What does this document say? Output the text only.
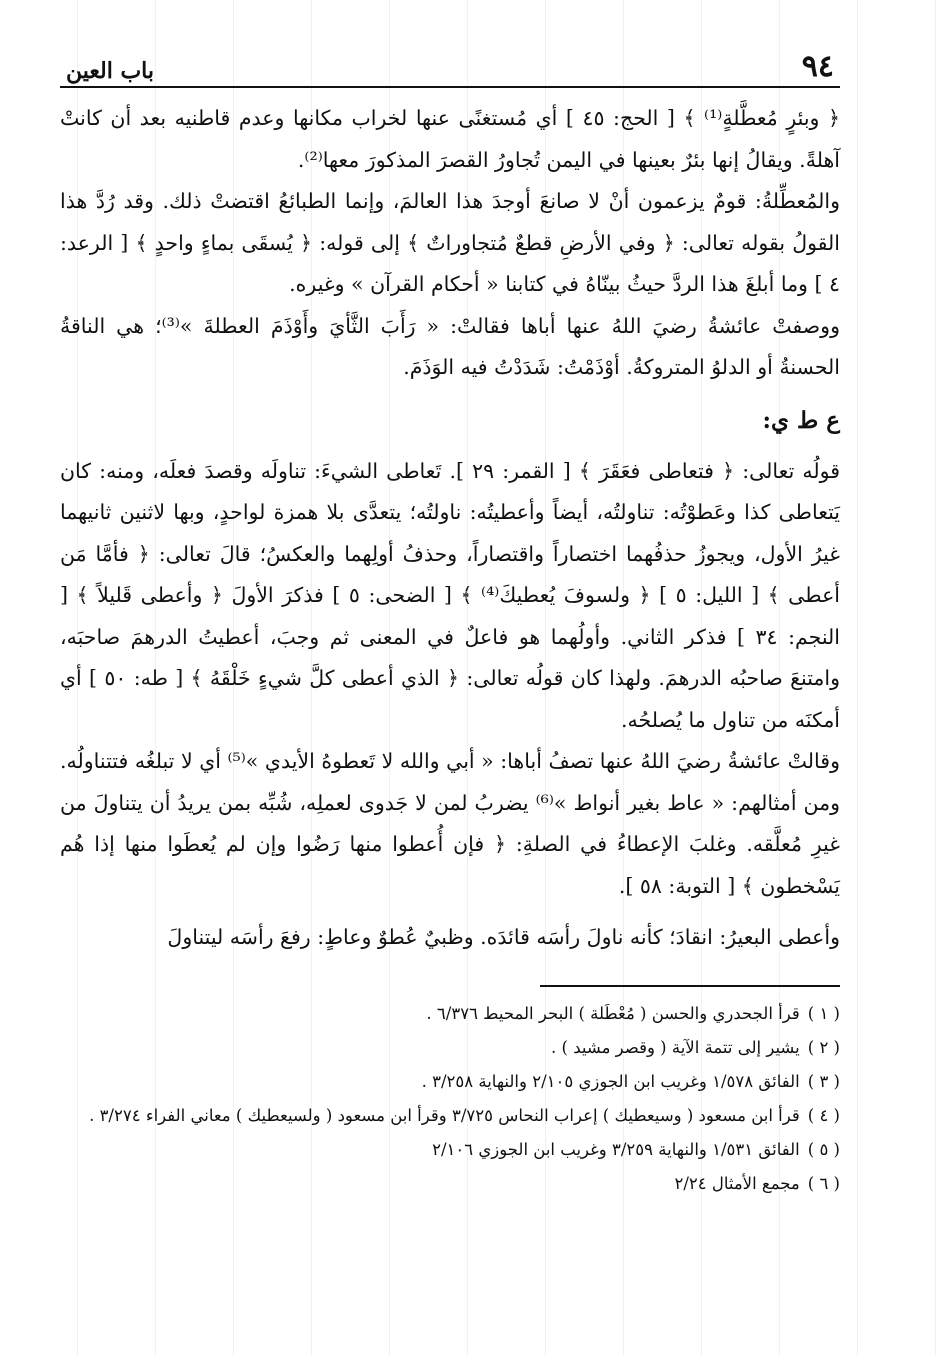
٩٤
باب العين

﴿ وبئرٍ مُعطَّلةٍ⁽¹⁾ ﴾ [ الحج: ٤٥ ] أي مُستغنًى عنها لخراب مكانها وعدم قاطنيه بعد أن كانتْ آهلةً. ويقالُ إنها بئرٌ بعينها في اليمن تُجاورُ القصرَ المذكورَ معها⁽²⁾.

والمُعطِّلةُ: قومٌ يزعمون أنْ لا صانعَ أوجدَ هذا العالمَ، وإنما الطبائعُ اقتضتْ ذلك. وقد رُدَّ هذا القولُ بقوله تعالى: ﴿ وفي الأرضِ قطعٌ مُتجاوراتٌ ﴾ إلى قوله: ﴿ يُسقَى بماءٍ واحدٍ ﴾ [ الرعد: ٤ ] وما أبلغَ هذا الردَّ حيثُ بينّاهُ في كتابنا « أحكام القرآن » وغيره.

ووصفتْ عائشةُ رضيَ اللهُ عنها أباها فقالتْ: « رَأَبَ الثَّأيَ وأَوْذَمَ العطلةَ »⁽³⁾؛ هي الناقةُ الحسنةُ أو الدلوُ المتروكةُ. أوْذَمْتُ: شَدَدْتُ فيه الوَذَمَ.

ع ط ي:

قولُه تعالى: ﴿ فتعاطى فعَقَرَ ﴾ [ القمر: ٢٩ ]. تَعاطى الشيءَ: تناولَه وقصدَ فعلَه، ومنه: كان يَتعاطى كذا وعَطوْتُه: تناولتُه، أيضاً وأعطيتُه: ناولتُه؛ يتعدَّى بلا همزة لواحدٍ، وبها لاثنين ثانيهما غيرُ الأول، ويجوزُ حذفُهما اختصاراً واقتصاراً، وحذفُ أولِهما والعكسُ؛ قالَ تعالى: ﴿ فأمَّا مَن أعطى ﴾ [ الليل: ٥ ] ﴿ ولسوفَ يُعطيكَ⁽⁴⁾ ﴾ [ الضحى: ٥ ] فذكرَ الأولَ ﴿ وأعطى قَليلاً ﴾ [ النجم: ٣٤ ] فذكر الثاني. وأولُهما هو فاعلٌ في المعنى ثم وجبَ، أعطيتُ الدرهمَ صاحبَه، وامتنعَ صاحبُه الدرهمَ. ولهذا كان قولُه تعالى: ﴿ الذي أعطى كلَّ شيءٍ خَلْقَهُ ﴾ [ طه: ٥٠ ] أي أمكنَه من تناول ما يُصلحُه.

وقالتْ عائشةُ رضيَ اللهُ عنها تصفُ أباها: « أبي والله لا تَعطوهُ الأيدي »⁽⁵⁾ أي لا تبلغُه فتتناولُه. ومن أمثالهم: « عاط بغير أنواط »⁽⁶⁾ يضربُ لمن لا جَدوى لعملِه، شُبِّه بمن يريدُ أن يتناولَ من غيرِ مُعلَّقه. وغلبَ الإعطاءُ في الصلةِ: ﴿ فإن أُعطوا منها رَضُوا وإن لم يُعطَوا منها إذا هُم يَسْخطون ﴾ [ التوبة: ٥٨ ].

وأعطى البعيرُ: انقادَ؛ كأنه ناولَ رأسَه قائدَه. وظبيٌ عُطوٌ وعاطٍ: رفعَ رأسَه ليتناولَ

( ١ )
قرأ الجحدري والحسن ( مُعْطَلة ) البحر المحيط ٦/٣٧٦ .
( ٢ )
يشير إلى تتمة الآية ( وقصر مشيد ) .
( ٣ )
الفائق ١/٥٧٨ وغريب ابن الجوزي ٢/١٠٥ والنهاية ٣/٢٥٨ .
( ٤ )
قرأ ابن مسعود ( وسيعطيك ) إعراب النحاس ٣/٧٢٥ وقرأ ابن مسعود ( ولسيعطيك ) معاني الفراء ٣/٢٧٤ .
( ٥ )
الفائق ١/٥٣١ والنهاية ٣/٢٥٩ وغريب ابن الجوزي ٢/١٠٦
( ٦ )
مجمع الأمثال ٢/٢٤
